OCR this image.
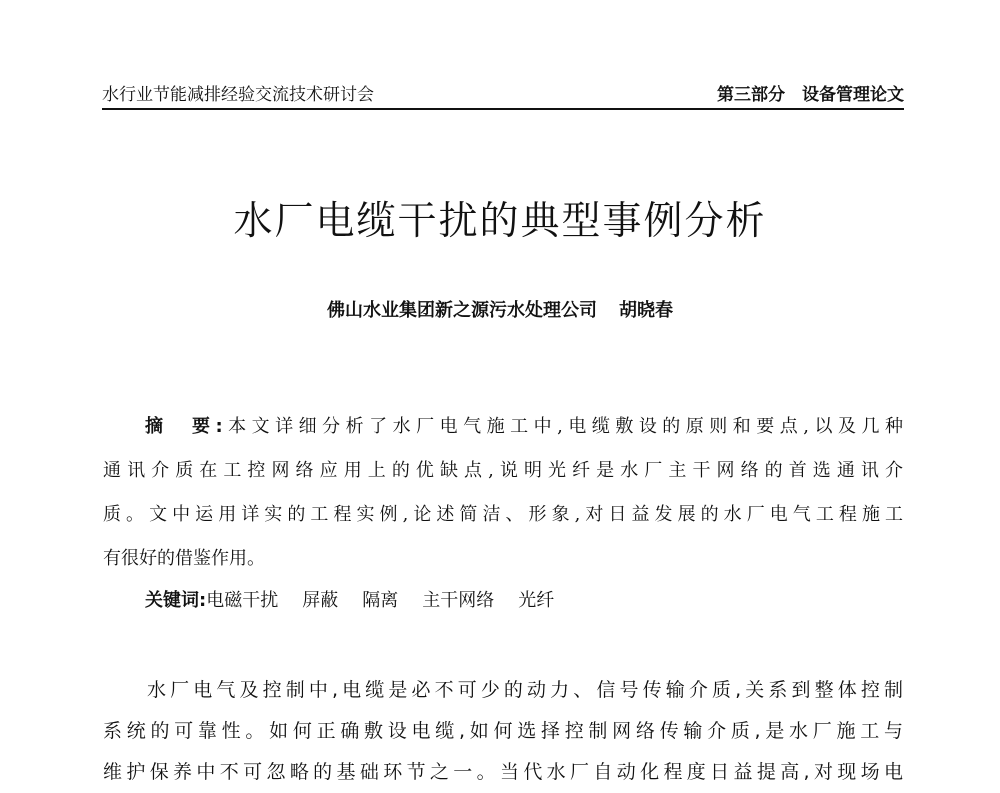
水行业节能减排经验交流技术研讨会	第三部分　设备管理论文
水厂电缆干扰的典型事例分析
佛山水业集团新之源污水处理公司 胡晓春
摘　要:本文详细分析了水厂电气施工中,电缆敷设的原则和要点,以及几种
通讯介质在工控网络应用上的优缺点,说明光纤是水厂主干网络的首选通讯介
质。文中运用详实的工程实例,论述简洁、形象,对日益发展的水厂电气工程施工
有很好的借鉴作用。
关键词:电磁干扰 屏蔽 隔离 主干网络 光纤
水厂电气及控制中,电缆是必不可少的动力、信号传输介质,关系到整体控制
系统的可靠性。如何正确敷设电缆,如何选择控制网络传输介质,是水厂施工与
维护保养中不可忽略的基础环节之一。当代水厂自动化程度日益提高,对现场电
